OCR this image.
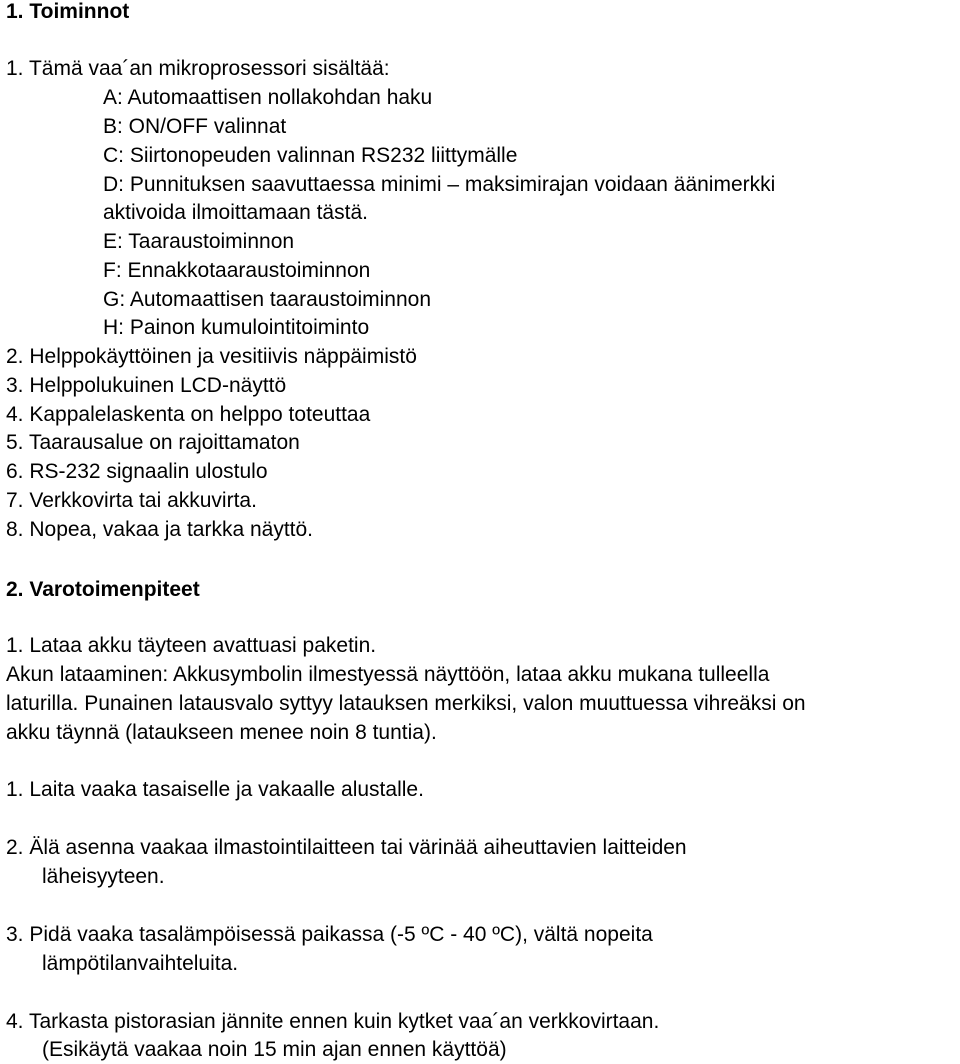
1. Toiminnot
1. Tämä vaa´an mikroprosessori sisältää:
A: Automaattisen nollakohdan haku
B: ON/OFF valinnat
C: Siirtonopeuden valinnan RS232 liittymälle
D: Punnituksen saavuttaessa minimi – maksimirajan voidaan äänimerkki
aktivoida ilmoittamaan tästä.
E: Taaraustoiminnon
F: Ennakkotaaraustoiminnon
G: Automaattisen taaraustoiminnon
H: Painon kumulointitoiminto
2. Helppokäyttöinen ja vesitiivis näppäimistö
3. Helppolukuinen LCD-näyttö
4. Kappalelaskenta on helppo toteuttaa
5. Taarausalue on rajoittamaton
6. RS-232 signaalin ulostulo
7. Verkkovirta tai akkuvirta.
8. Nopea, vakaa ja tarkka näyttö.
2. Varotoimenpiteet
1. Lataa akku täyteen avattuasi paketin.
Akun lataaminen: Akkusymbolin ilmestyessä näyttöön, lataa akku mukana tulleella
laturilla. Punainen latausvalo syttyy latauksen merkiksi, valon muuttuessa vihreäksi on
akku täynnä (lataukseen menee noin 8 tuntia).
1. Laita vaaka tasaiselle ja vakaalle alustalle.
2. Älä asenna vaakaa ilmastointilaitteen tai värinää aiheuttavien laitteiden
läheisyyteen.
3. Pidä vaaka tasalämpöisessä paikassa (-5 ºC - 40 ºC), vältä nopeita
lämpötilanvaihteluita.
4. Tarkasta pistorasian jännite ennen kuin kytket vaa´an verkkovirtaan.
(Esikäytä vaakaa noin 15 min ajan ennen käyttöä)
